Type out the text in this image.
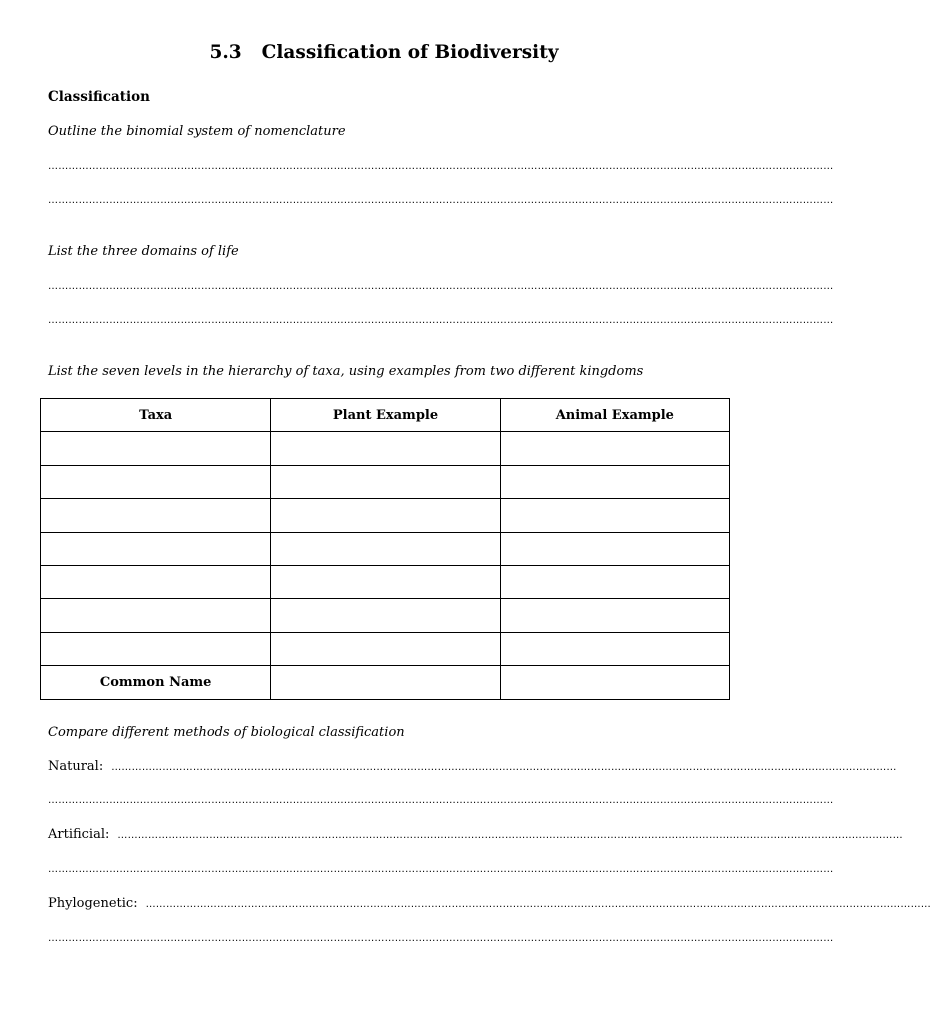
5.3 Classification of Biodiversity
Classification
Outline the binomial system of nomenclature
……………………………………………………………………………………………………………………………………………………………………………………………………………
……………………………………………………………………………………………………………………………………………………………………………………………………………
List the three domains of life
……………………………………………………………………………………………………………………………………………………………………………………………………………
……………………………………………………………………………………………………………………………………………………………………………………………………………
List the seven levels in the hierarchy of taxa, using examples from two different kingdoms
Taxa	Plant Example	Animal Example

Common Name		
Compare different methods of biological classification
Natural: ……………………………………………………………………………………………………………………………………………………………………………………………………………
……………………………………………………………………………………………………………………………………………………………………………………………………………
Artificial: ……………………………………………………………………………………………………………………………………………………………………………………………………………
……………………………………………………………………………………………………………………………………………………………………………………………………………
Phylogenetic: ……………………………………………………………………………………………………………………………………………………………………………………………………………
……………………………………………………………………………………………………………………………………………………………………………………………………………
